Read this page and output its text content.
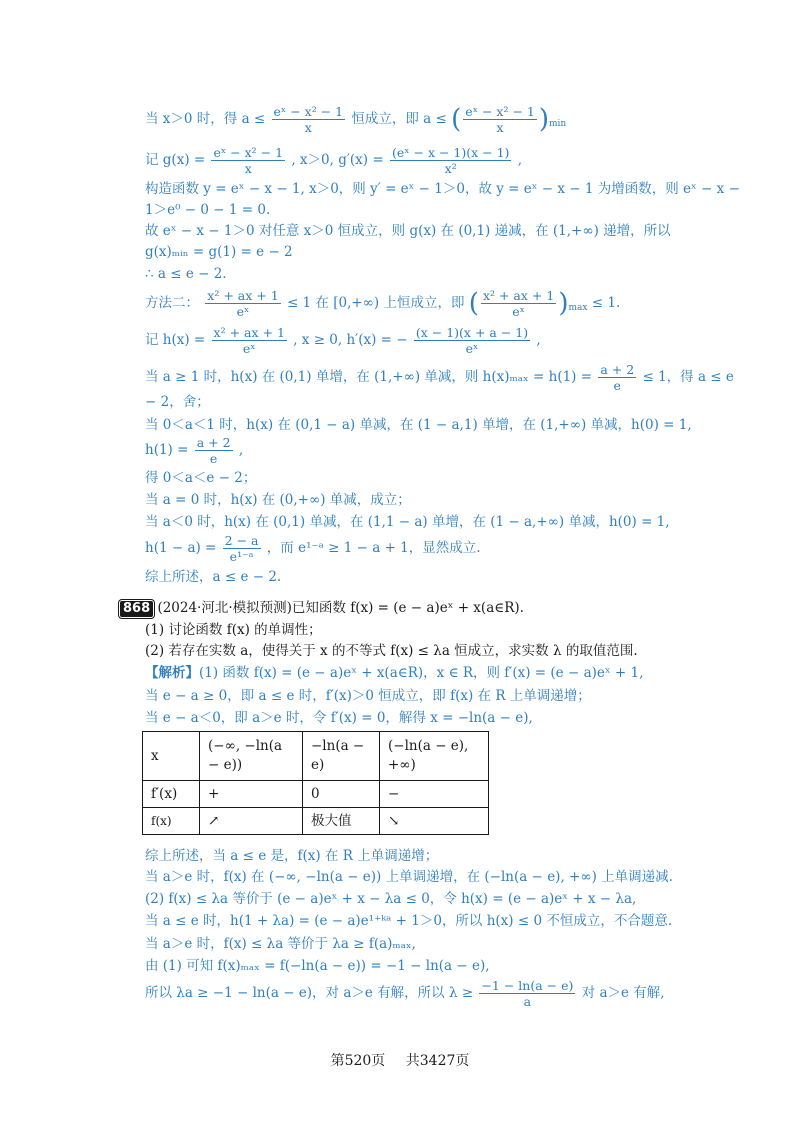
当 x＞0 时，得 $a \le \frac{\text{eˣ − x² − 1}}{x}$ 恒成立，即 a ≤ ( $\frac{\text{eˣ − x² − 1}}{x} )_{min}$
记 $g(x) = \frac{\text{eˣ − x² − 1}}{x}$ , x＞0, $g'(x) = \frac{\text{(eˣ − x − 1)(x − 1)}}{\text{x²}}$ ,
构造函数 y = eˣ − x − 1, x＞0，则 y′ = eˣ − 1＞0，故 y = eˣ − x − 1 为增函数，则 eˣ − x −
1＞e⁰ − 0 − 1 = 0.
故 eˣ − x − 1＞0 对任意 x＞0 恒成立，则 g(x) 在 (0,1) 递减，在 (1,+∞) 递增，所以
g(x)ₘᵢₙ = g(1) = e − 2
∴ a ≤ e − 2.
方法二： $\frac{\text{x² + ax + 1}}{\text{eˣ}} \le 1$ 在 [0,+∞) 上恒成立，即 ( $\frac{\text{x² + ax + 1}}{\text{eˣ}} )_{max} \le 1$.
记 $h(x) = \frac{\text{x² + ax + 1}}{\text{eˣ}}$ , x ≥ 0, h′(x) = − $\frac{(x - 1)(x + a - 1)}{\text{eˣ}}$ ,
当 a ≥ 1 时，h(x) 在 (0,1) 单增，在 (1,+∞) 单减，则 $h(x)_{max} = h(1) = \frac{a + 2}{e} \le 1$，得 a ≤ e
− 2，舍；
当 0＜a＜1 时，h(x) 在 (0,1 − a) 单减，在 (1 − a,1) 单增，在 (1,+∞) 单减，h(0) = 1,
$h(1) = \frac{a + 2}{e}$ ,
得 0＜a＜e − 2；
当 a = 0 时，h(x) 在 (0,+∞) 单减，成立；
当 a＜0 时，h(x) 在 (0,1) 单减，在 (1,1 − a) 单增，在 (1 − a,+∞) 单减，h(0) = 1,
$h(1 - a) = \frac{2 - a}{\text{e¹⁻ᵃ}}$ ，而 e¹⁻ᵃ ≥ 1 − a + 1，显然成立.
综上所述，a ≤ e − 2.
868 (2024·河北·模拟预测)已知函数 f(x) = (e − a)eˣ + x(a∈R).
(1) 讨论函数 f(x) 的单调性；
(2) 若存在实数 a，使得关于 x 的不等式 f(x) ≤ λa 恒成立，求实数 λ 的取值范围.
【解析】(1) 函数 f(x) = (e − a)eˣ + x(a∈R)，x ∈ R，则 f′(x) = (e − a)eˣ + 1,
当 e − a ≥ 0，即 a ≤ e 时，f′(x)＞0 恒成立，即 f(x) 在 R 上单调递增；
当 e − a＜0，即 a＞e 时，令 f′(x) = 0，解得 x = −ln(a − e),
x	(−∞, −ln(a − e))	−ln(a − e)	(−ln(a − e), +∞)
f′(x)	+	0	−
f(x)	↗	极大值	↘
综上所述，当 a ≤ e 是，f(x) 在 R 上单调递增；
当 a＞e 时，f(x) 在 (−∞, −ln(a − e)) 上单调递增，在 (−ln(a − e), +∞) 上单调递减.
(2) f(x) ≤ λa 等价于 (e − a)eˣ + x − λa ≤ 0，令 h(x) = (e − a)eˣ + x − λa,
当 a ≤ e 时，h(1 + λa) = (e − a)e¹⁺ᵏᵃ + 1＞0，所以 h(x) ≤ 0 不恒成立，不合题意.
当 a＞e 时，f(x) ≤ λa 等价于 λa ≥ f(a)ₘₐₓ,
由 (1) 可知 f(x)ₘₐₓ = f(−ln(a − e)) = −1 − ln(a − e),
所以 λa ≥ −1 − ln(a − e)，对 a＞e 有解，所以 $\lambda \ge \frac{-1 - \ln(a - e)}{a}$ 对 a＞e 有解,
第520页 共3427页
